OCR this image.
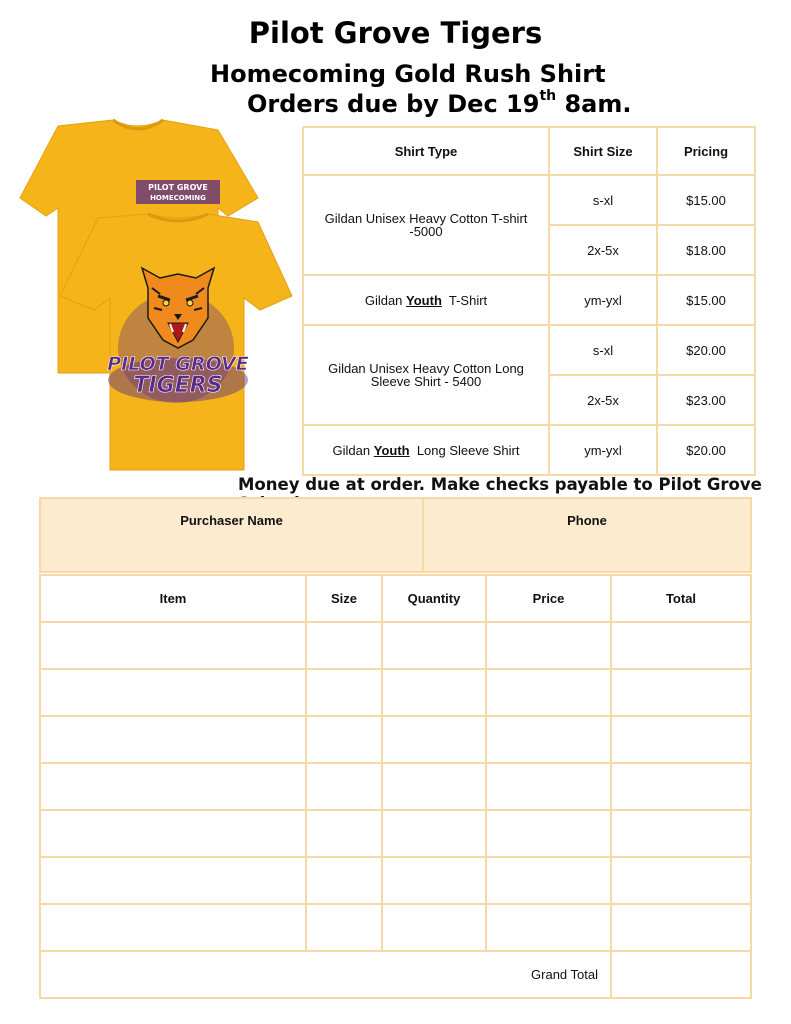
Pilot Grove Tigers
Homecoming Gold Rush Shirt
Orders due by Dec 19th 8am.
PILOT GROVE
HOMECOMING
PILOT GROVE
TIGERS
Shirt Type	Shirt Size	Pricing
Gildan Unisex Heavy Cotton T-shirt -5000	s-xl	$15.00
	2x-5x	$18.00
Gildan Youth  T-Shirt	ym-yxl	$15.00
Gildan Unisex Heavy Cotton Long Sleeve Shirt - 5400	s-xl	$20.00
	2x-5x	$23.00
Gildan Youth  Long Sleeve Shirt	ym-yxl	$20.00
Money due at order. Make checks payable to Pilot Grove
Purchaser Name	Phone
Item	Size	Quantity	Price	Total

Grand Total				
